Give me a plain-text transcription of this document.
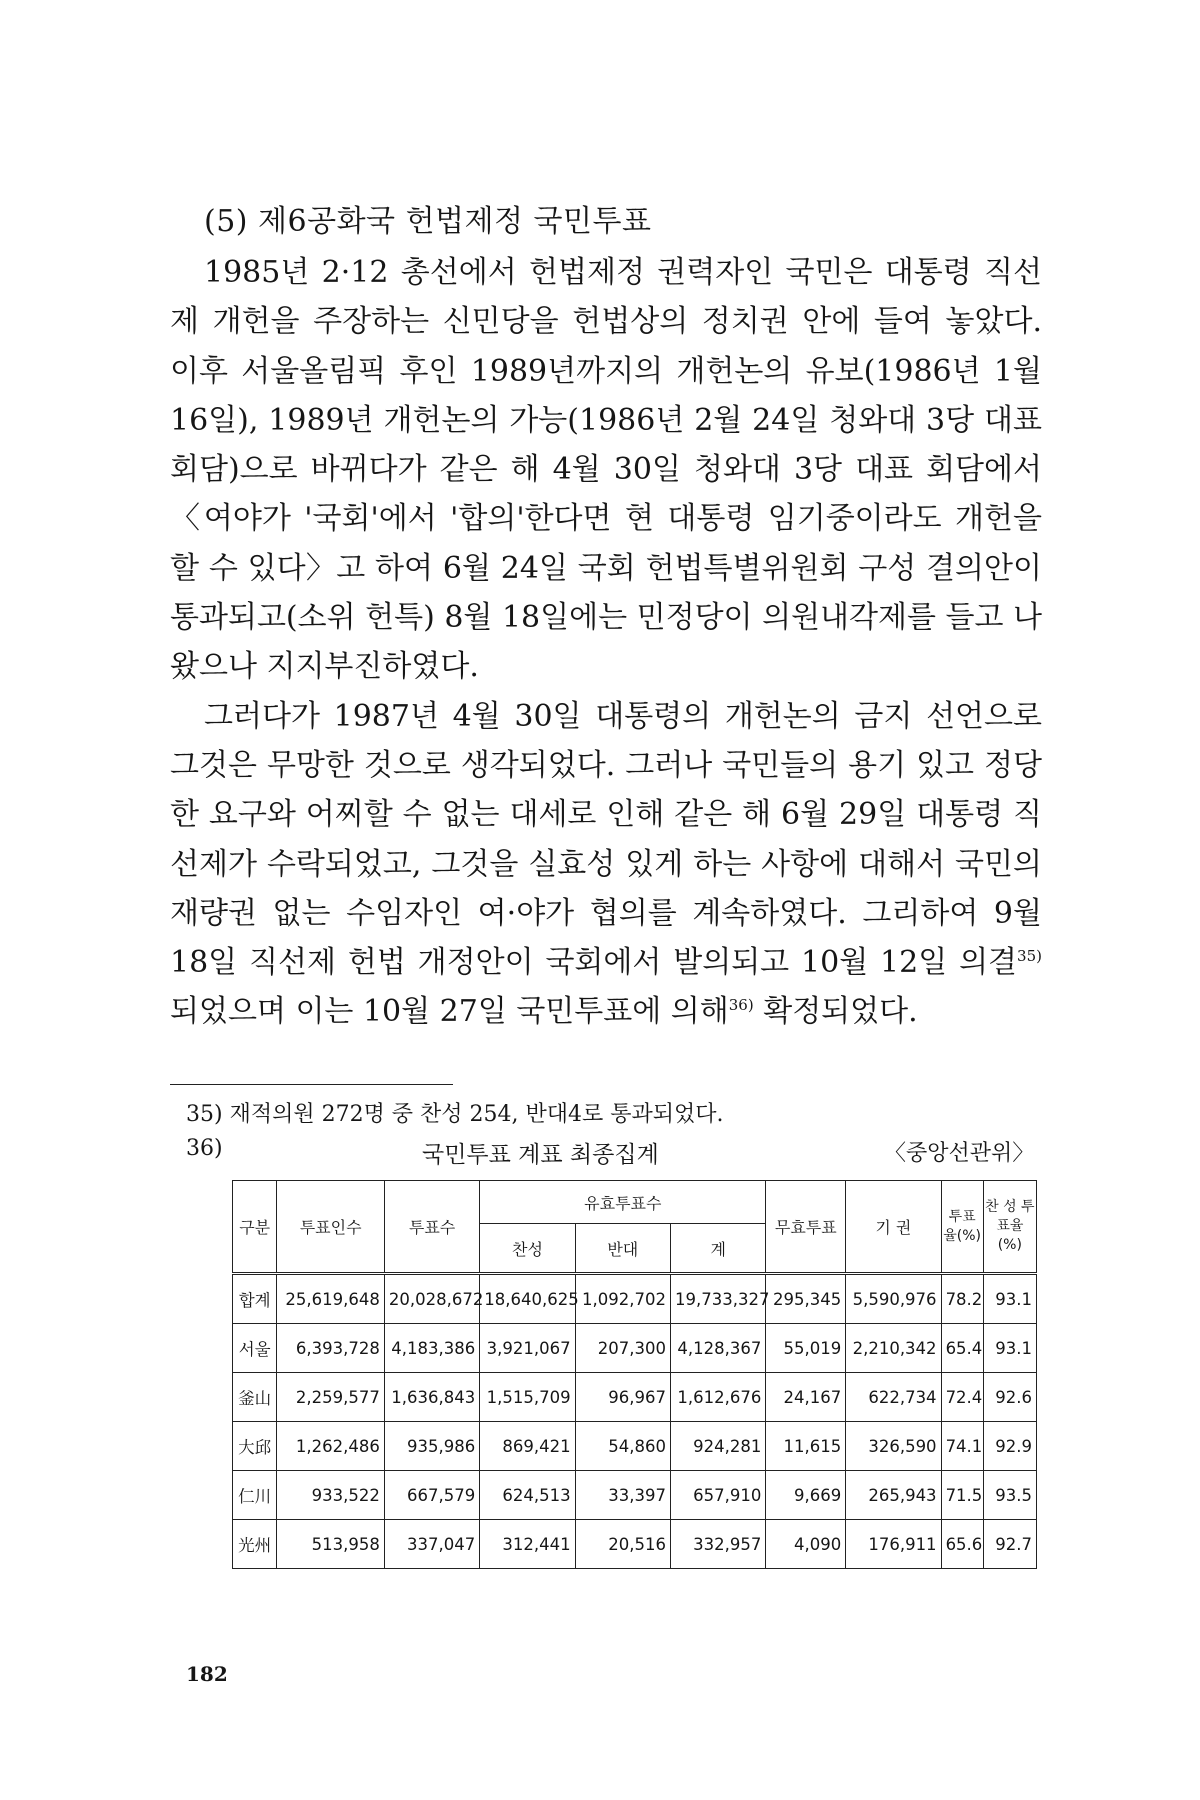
(5) 제6공화국 헌법제정 국민투표

1985년 2·12 총선에서 헌법제정 권력자인 국민은 대통령 직선제 개헌을 주장하는 신민당을 헌법상의 정치권 안에 들여 놓았다. 이후 서울올림픽 후인 1989년까지의 개헌논의 유보(1986년 1월 16일), 1989년 개헌논의 가능(1986년 2월 24일 청와대 3당 대표 회담)으로 바뀌다가 같은 해 4월 30일 청와대 3당 대표 회담에서 〈여야가 '국회'에서 '합의'한다면 현 대통령 임기중이라도 개헌을 할 수 있다〉고 하여 6월 24일 국회 헌법특별위원회 구성 결의안이 통과되고(소위 헌특) 8월 18일에는 민정당이 의원내각제를 들고 나왔으나 지지부진하였다.

그러다가 1987년 4월 30일 대통령의 개헌논의 금지 선언으로 그것은 무망한 것으로 생각되었다. 그러나 국민들의 용기 있고 정당한 요구와 어찌할 수 없는 대세로 인해 같은 해 6월 29일 대통령 직선제가 수락되었고, 그것을 실효성 있게 하는 사항에 대해서 국민의 재량권 없는 수임자인 여·야가 협의를 계속하였다. 그리하여 9월 18일 직선제 헌법 개정안이 국회에서 발의되고 10월 12일 의결$^{35)}$되었으며 이는 10월 27일 국민투표에 의해$^{36)}$ 확정되었다.

35) 재적의원 272명 중 찬성 254, 반대4로 통과되었다.
36)	국민투표 계표 최종집계	〈중앙선관위〉
구분	투표인수	투표수	유효투표수			무효투표	기 권	투표율(%)	찬 성 투표율(%)
			찬성	반대	계				
합계	25,619,648	20,028,672	18,640,625	1,092,702	19,733,327	295,345	5,590,976	78.2	93.1
서울	6,393,728	4,183,386	3,921,067	207,300	4,128,367	55,019	2,210,342	65.4	93.1
釜山	2,259,577	1,636,843	1,515,709	96,967	1,612,676	24,167	622,734	72.4	92.6
大邱	1,262,486	935,986	869,421	54,860	924,281	11,615	326,590	74.1	92.9
仁川	933,522	667,579	624,513	33,397	657,910	9,669	265,943	71.5	93.5
光州	513,958	337,047	312,441	20,516	332,957	4,090	176,911	65.6	92.7
182
